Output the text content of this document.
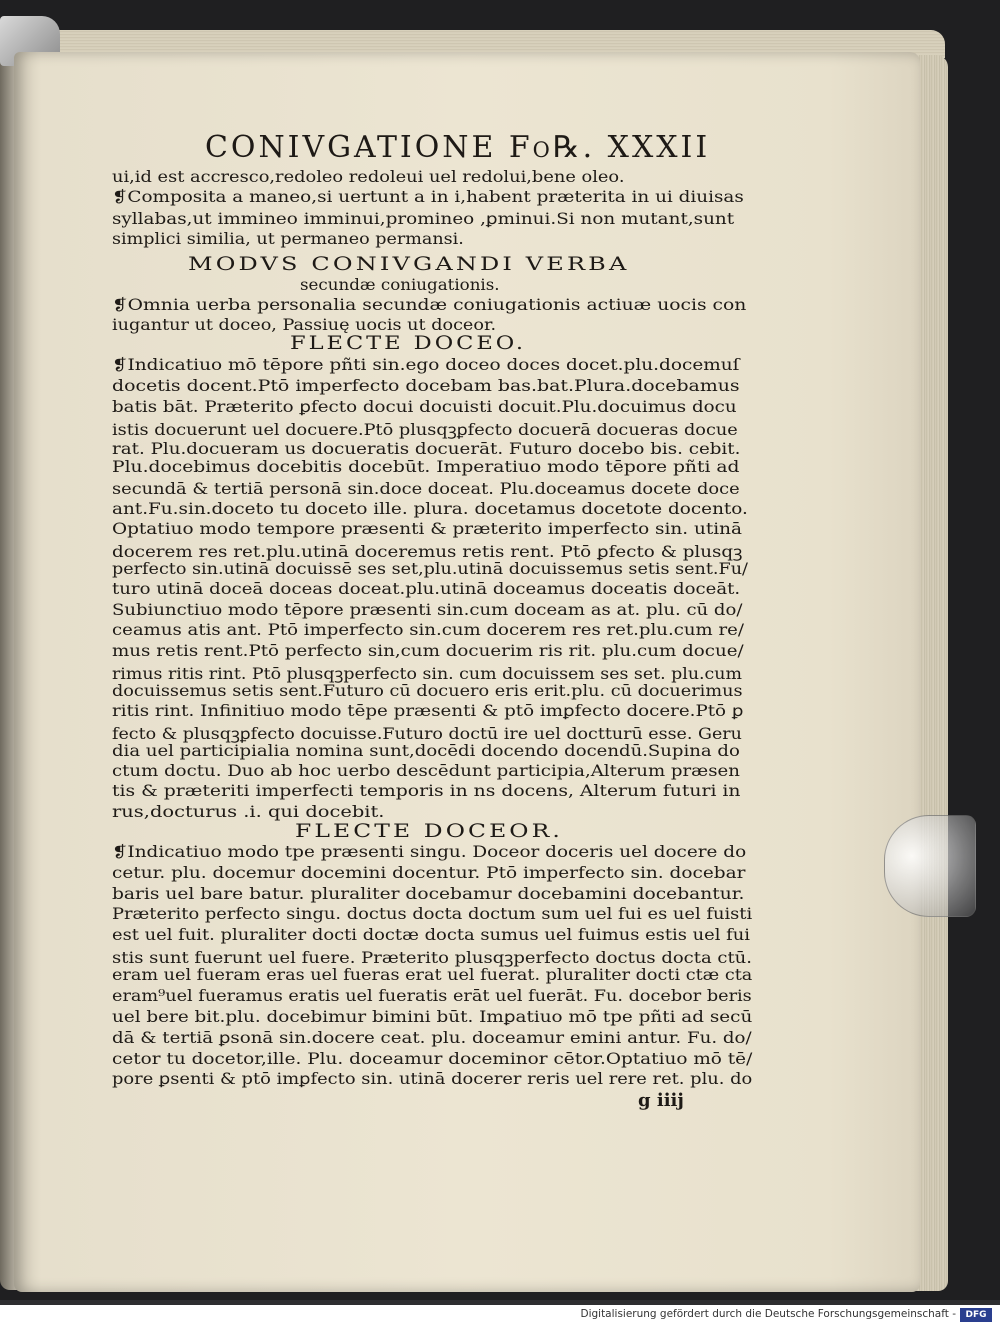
CONIVGATIONE Fo℞. XXXII
ui,id est accresco,redoleo redoleui uel redolui,bene oleo.
❡Composita a maneo,si uertunt a in i,habent præterita in ui diuisas
syllabas,ut immineo imminui,promineo ,ꝑminui.Si non mutant,sunt
simplici similia, ut permaneo permansi.
MODVS CONIVGANDI VERBA
secundæ coniugationis.
❡Omnia uerba personalia secundæ coniugationis actiuæ uocis con
iugantur ut doceo, Passiuę uocis ut doceor.
FLECTE DOCEO.
❡Indicatiuo mō tēpore pñti sin.ego doceo doces docet.plu.docemuſ
docetis docent.Ptō imperfecto docebam bas.bat.Plura.docebamus
batis bāt. Præterito ꝑfecto docui docuisti docuit.Plu.docuimus docu
istis docuerunt uel docuere.Ptō plusqꝫꝑfecto docuerā docueras docue
rat. Plu.docueram us docueratis docuerāt. Futuro docebo bis. cebit.
Plu.docebimus docebitis docebūt. Imperatiuo modo tēpore pñti ad
secundā & tertiā personā sin.doce doceat. Plu.doceamus docete doce
ant.Fu.sin.doceto tu doceto ille. plura. docetamus docetote docento.
Optatiuo modo tempore præsenti & præterito imperfecto sin. utinā
docerem res ret.plu.utinā doceremus retis rent. Ptō ꝑfecto & plusqꝫ
perfecto sin.utinā docuissē ses set,plu.utinā docuissemus setis sent.Fu/
turo utinā doceā doceas doceat.plu.utinā doceamus doceatis doceāt.
Subiunctiuo modo tēpore præsenti sin.cum doceam as at. plu. cū do/
ceamus atis ant. Ptō imperfecto sin.cum docerem res ret.plu.cum re/
mus retis rent.Ptō perfecto sin,cum docuerim ris rit. plu.cum docue/
rimus ritis rint. Ptō plusqꝫperfecto sin. cum docuissem ses set. plu.cum
docuissemus setis sent.Futuro cū docuero eris erit.plu. cū docuerimus
ritis rint. Infinitiuo modo tēpe præsenti & ptō imꝑfecto docere.Ptō ꝑ
fecto & plusqꝫꝑfecto docuisse.Futuro doctū ire uel doctturū esse. Geru
dia uel participialia nomina sunt,docēdi docendo docendū.Supina do
ctum doctu. Duo ab hoc uerbo descēdunt participia,Alterum præsen
tis & præteriti imperfecti temporis in ns docens, Alterum futuri in
rus,docturus .i. qui docebit.
FLECTE DOCEOR.
❡Indicatiuo modo tpe præsenti singu. Doceor doceris uel docere do
cetur. plu. docemur docemini docentur. Ptō imperfecto sin. docebar
baris uel bare batur. pluraliter docebamur docebamini docebantur.
Præterito perfecto singu. doctus docta doctum sum uel fui es uel fuisti
est uel fuit. pluraliter docti doctæ docta sumus uel fuimus estis uel fui
stis sunt fuerunt uel fuere. Præterito plusqꝫperfecto doctus docta ctū.
eram uel fueram eras uel fueras erat uel fuerat. pluraliter docti ctæ cta
eram⁹uel fueramus eratis uel fueratis erāt uel fuerāt. Fu. docebor beris
uel bere bit.plu. docebimur bimini būt. Imꝑatiuo mō tpe pñti ad secū
dā & tertiā ꝑsonā sin.docere ceat. plu. doceamur emini antur. Fu. do/
cetor tu docetor,ille. Plu. doceamur doceminor cētor.Optatiuo mō tē/
pore ꝑsenti & ptō imꝑfecto sin. utinā docerer reris uel rere ret. plu. do
g iiij
Digitalisierung gefördert durch die Deutsche Forschungsgemeinschaft -	DFG
